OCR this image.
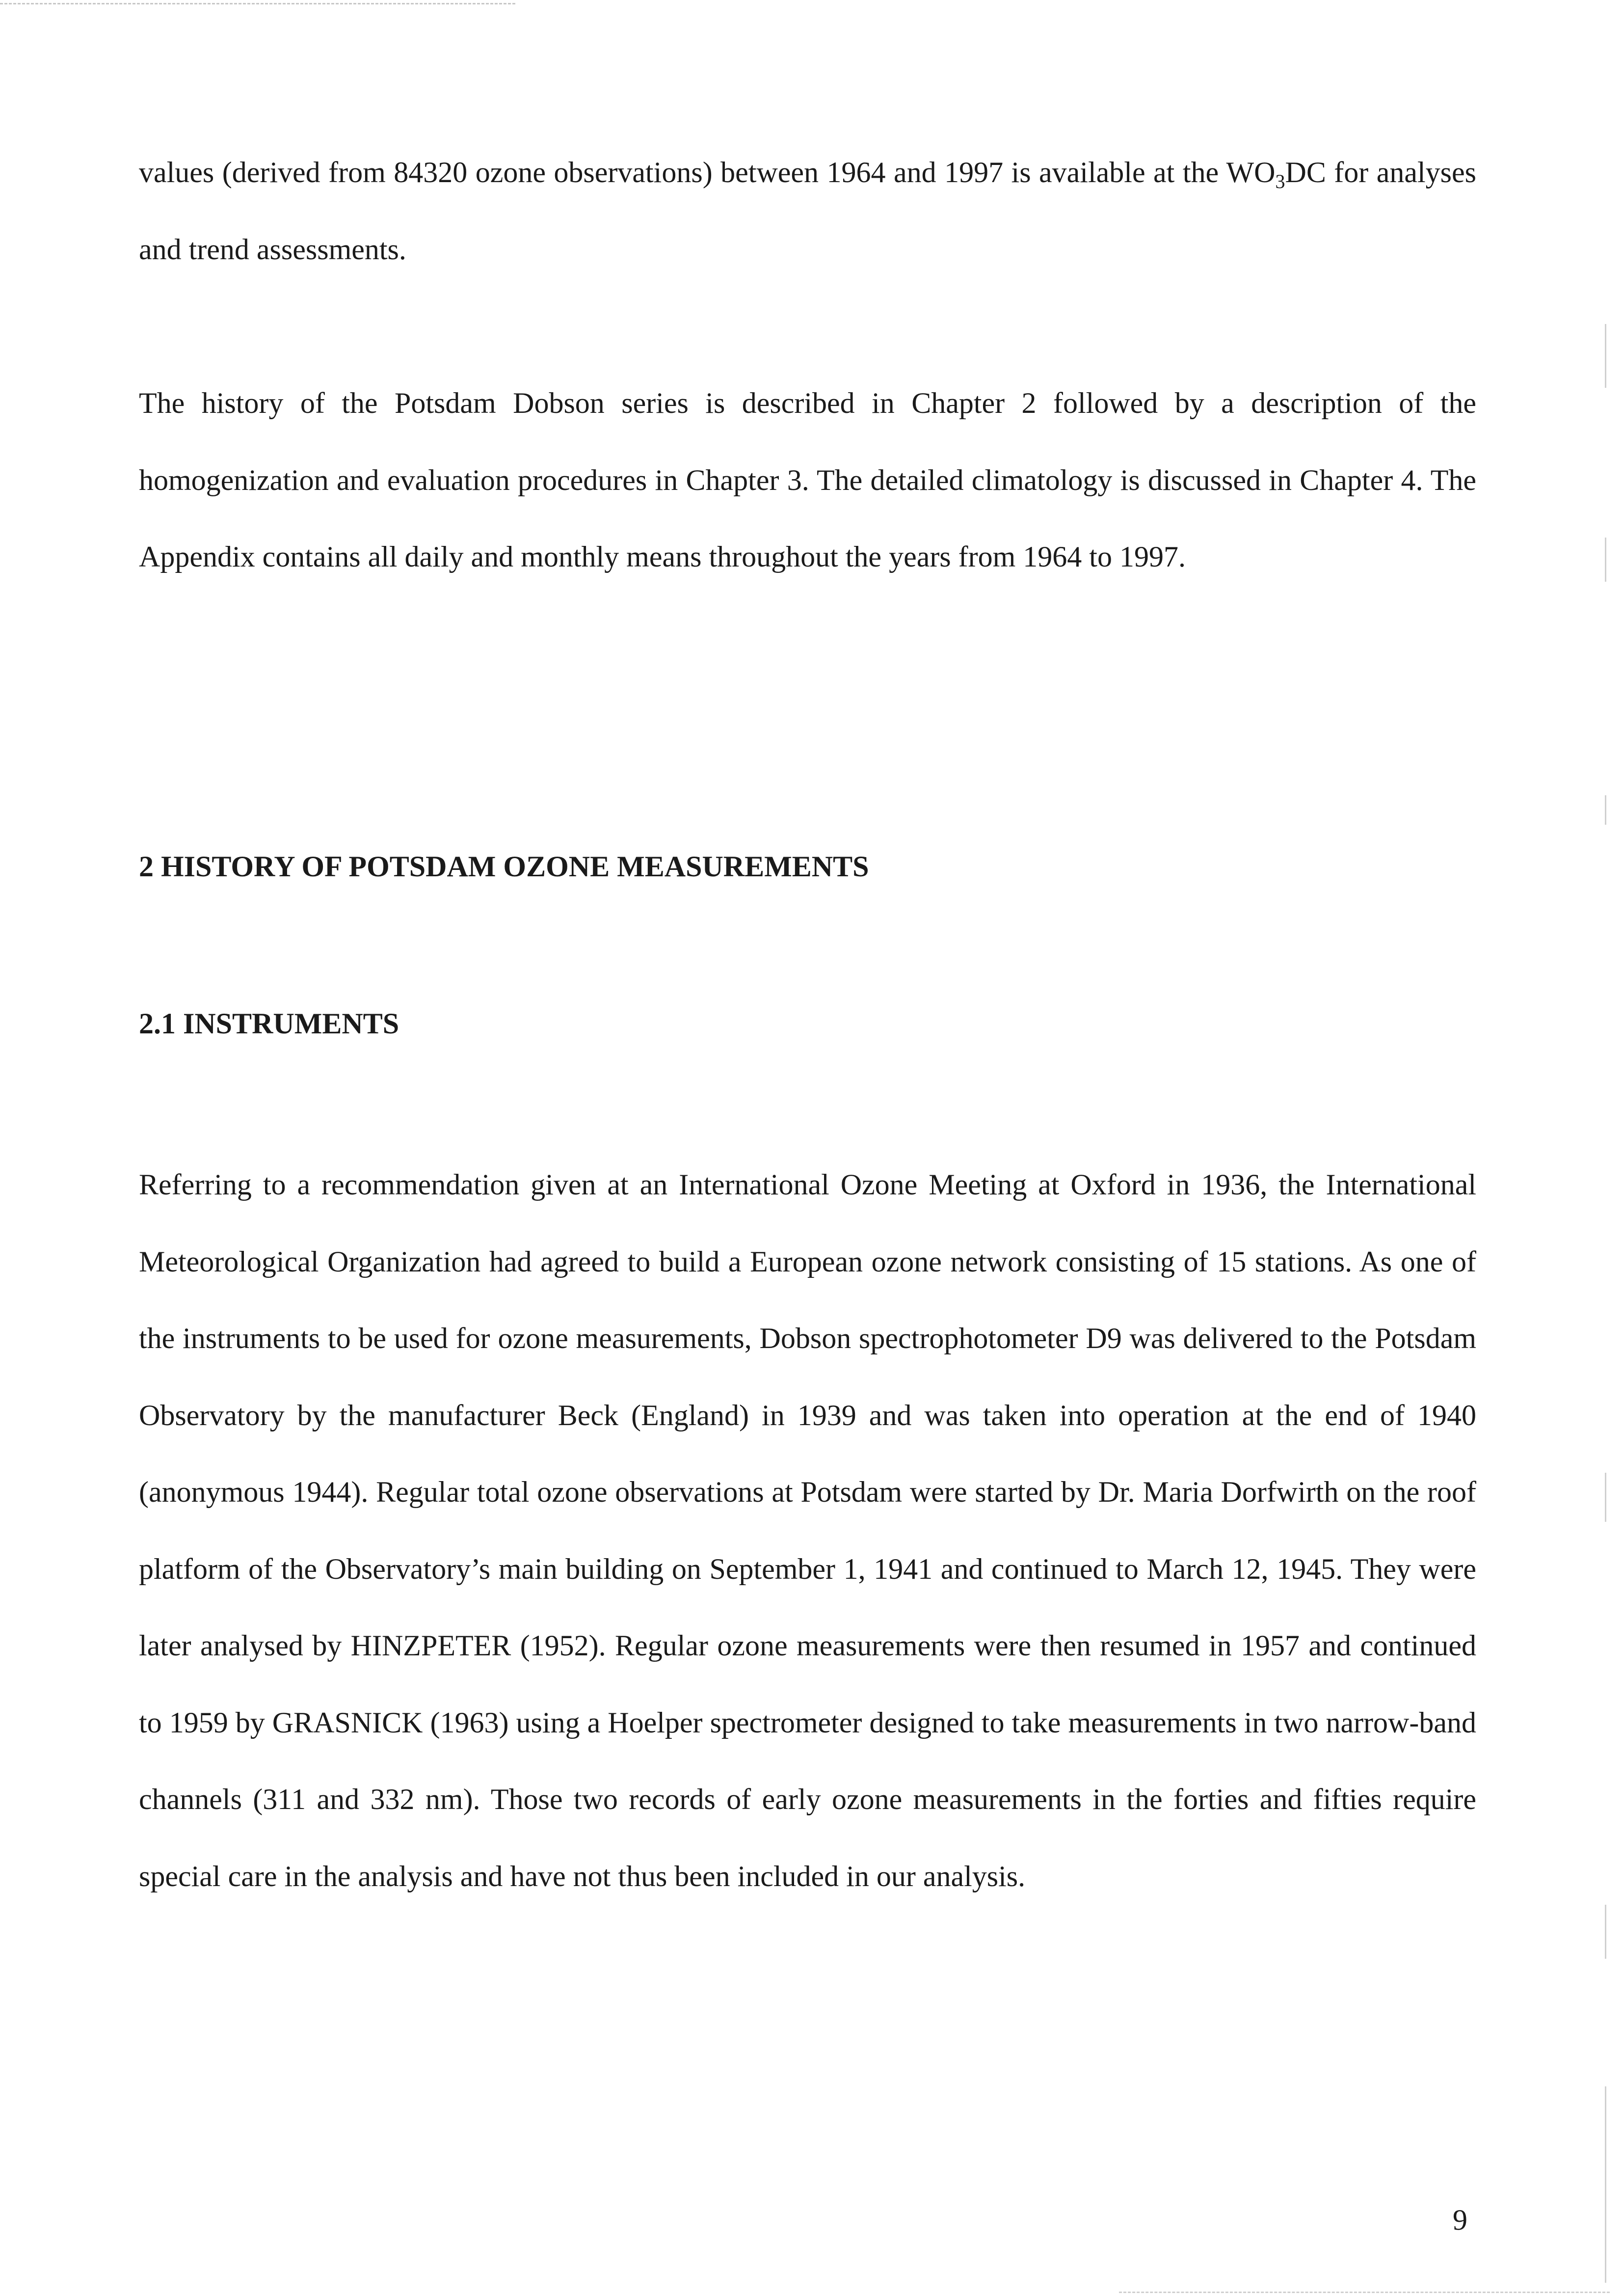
values (derived from 84320 ozone observations) between 1964 and 1997 is available at the $WO_3DC$ for analyses and trend assessments.

The history of the Potsdam Dobson series is described in Chapter 2 followed by a description of the homogenization and evaluation procedures in Chapter 3. The detailed climatology is discussed in Chapter 4. The Appendix contains all daily and monthly means throughout the years from 1964 to 1997.

2 HISTORY OF POTSDAM OZONE MEASUREMENTS
2.1 INSTRUMENTS

Referring to a recommendation given at an International Ozone Meeting at Oxford in 1936, the International Meteorological Organization had agreed to build a European ozone network consisting of 15 stations. As one of the instruments to be used for ozone measurements, Dobson spectrophotometer D9 was delivered to the Potsdam Observatory by the manufacturer Beck (England) in 1939 and was taken into operation at the end of 1940 (anonymous 1944). Regular total ozone observations at Potsdam were started by Dr. Maria Dorfwirth on the roof platform of the Observatory’s main building on September 1, 1941 and continued to March 12, 1945. They were later analysed by HINZPETER (1952). Regular ozone measurements were then resumed in 1957 and continued to 1959 by GRASNICK (1963) using a Hoelper spectrometer designed to take measurements in two narrow-band channels (311 and 332 nm). Those two records of early ozone measurements in the forties and fifties require special care in the analysis and have not thus been included in our analysis.

9
